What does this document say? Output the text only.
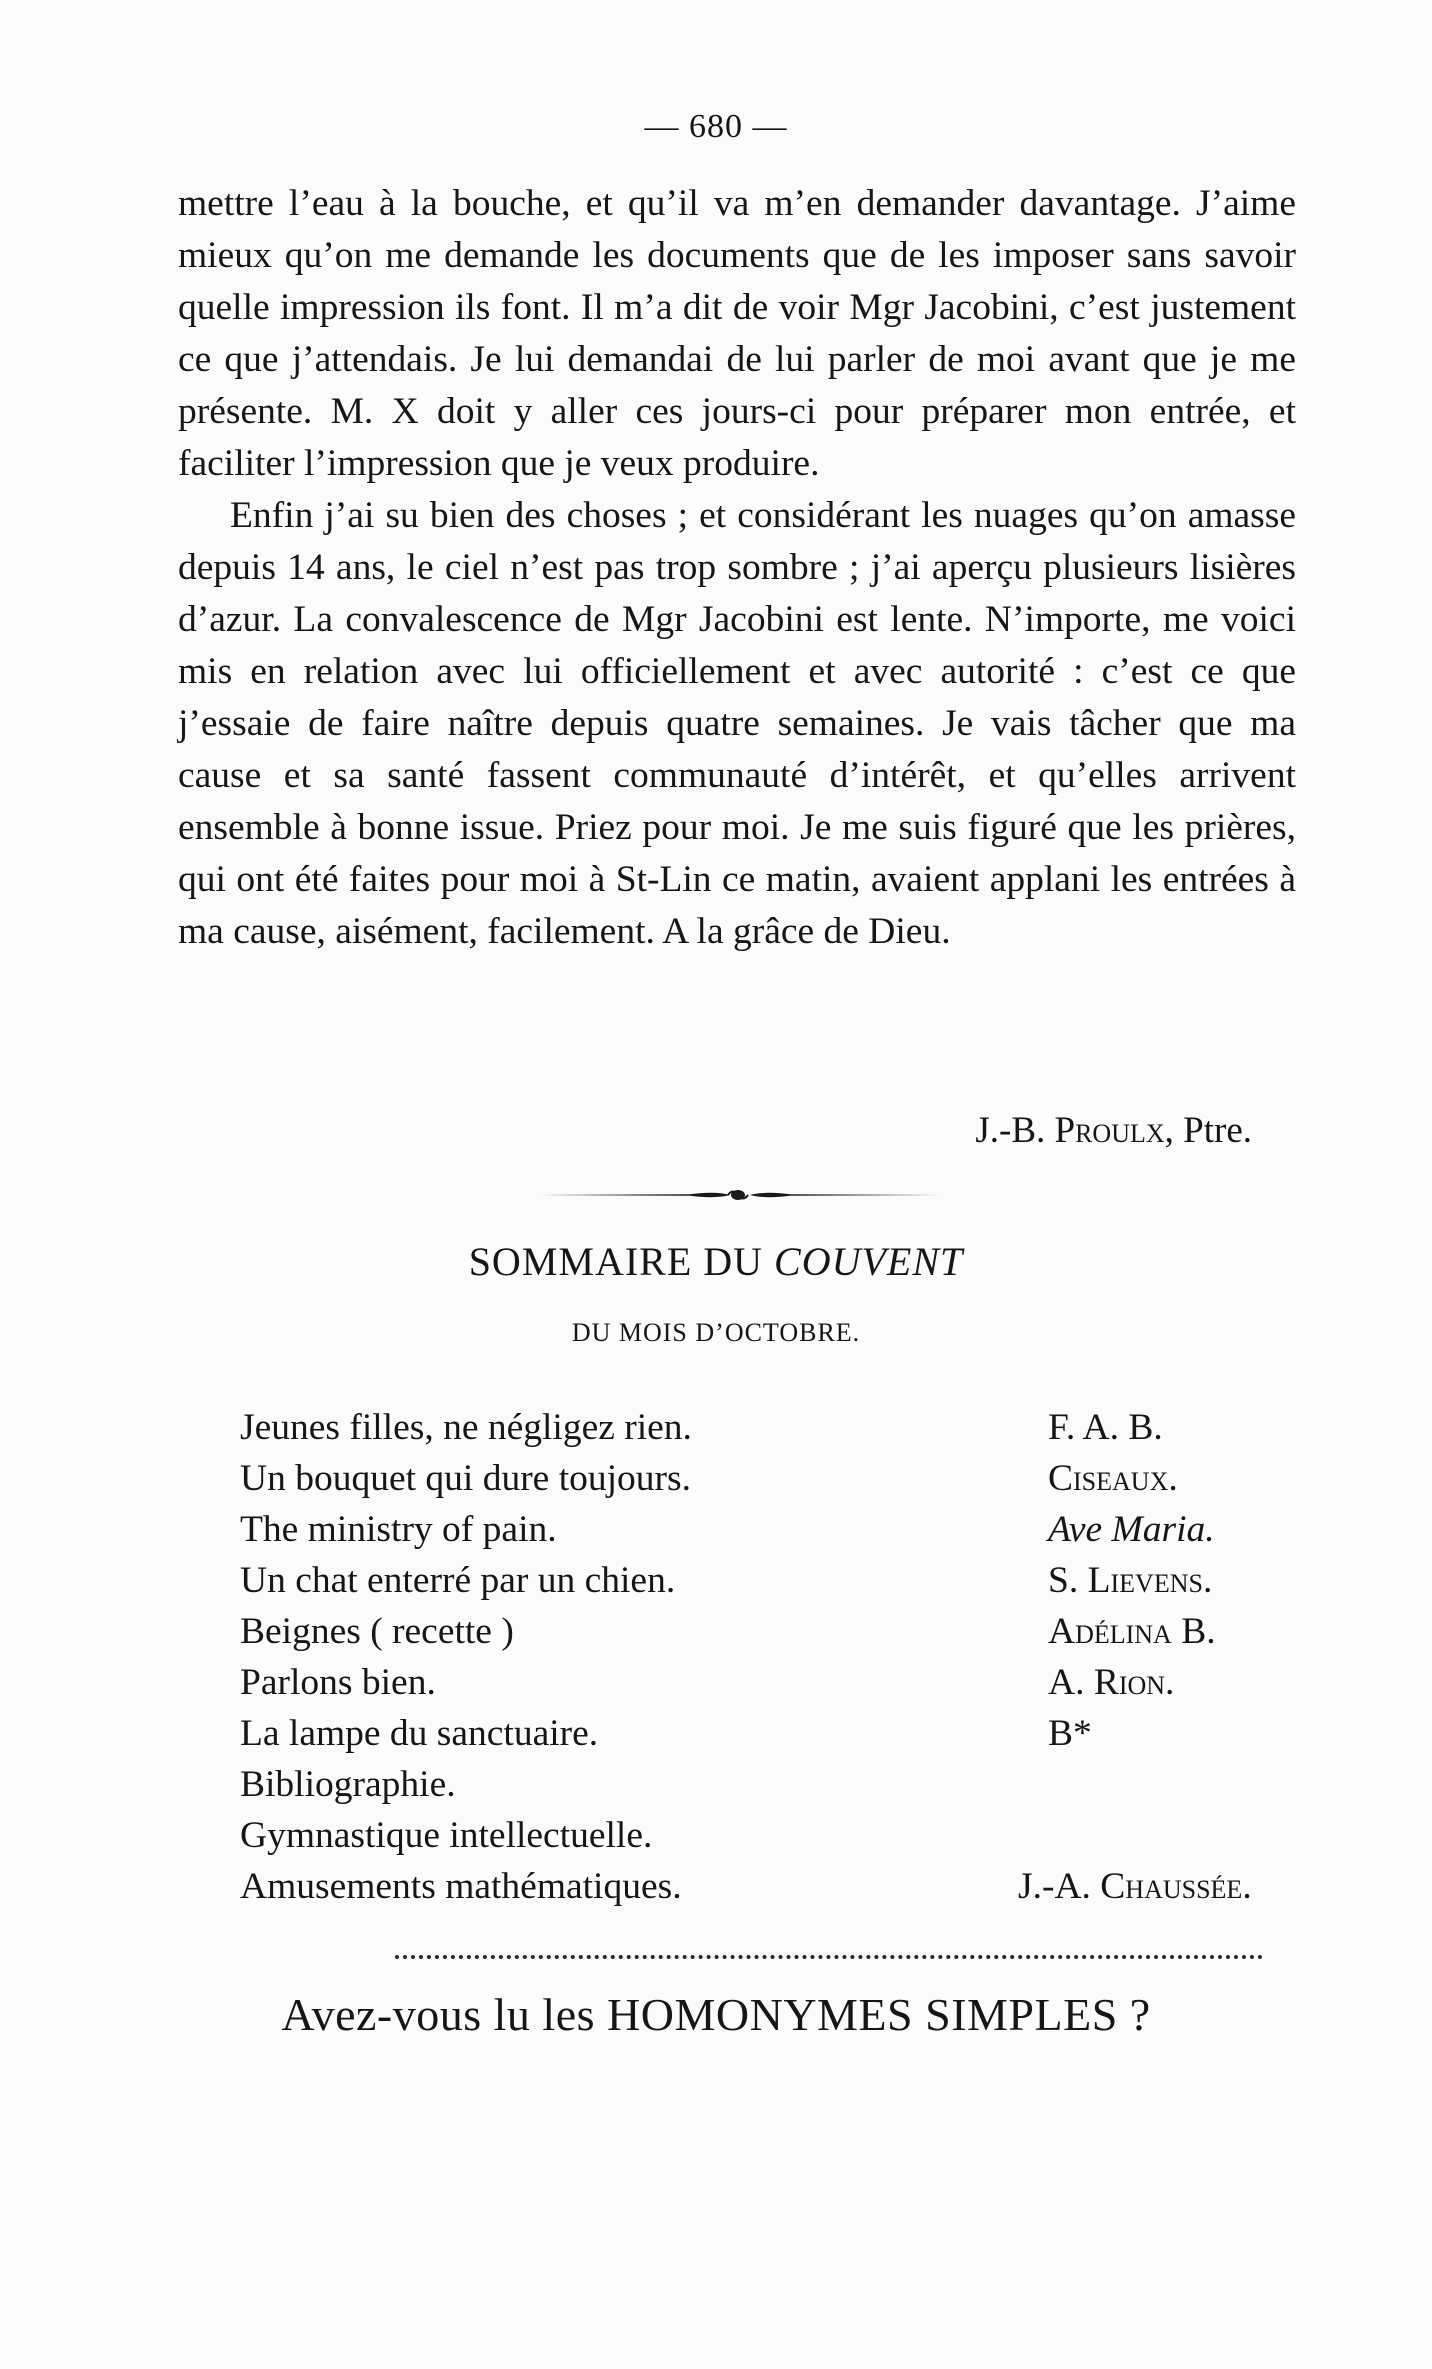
— 680 —

mettre l’eau à la bouche, et qu’il va m’en demander davantage. J’aime mieux qu’on me demande les documents que de les imposer sans savoir quelle impression ils font. Il m’a dit de voir Mgr Jacobini, c’est justement ce que j’attendais. Je lui demandai de lui parler de moi avant que je me présente. M. X doit y aller ces jours-ci pour préparer mon entrée, et faciliter l’impression que je veux produire.

Enfin j’ai su bien des choses ; et considérant les nuages qu’on amasse depuis 14 ans, le ciel n’est pas trop sombre ; j’ai aperçu plusieurs lisières d’azur. La convalescence de Mgr Jacobini est lente. N’importe, me voici mis en relation avec lui officiellement et avec autorité : c’est ce que j’essaie de faire naître depuis quatre semaines. Je vais tâcher que ma cause et sa santé fassent communauté d’intérêt, et qu’elles arrivent ensemble à bonne issue. Priez pour moi. Je me suis figuré que les prières, qui ont été faites pour moi à St-Lin ce matin, avaient applani les entrées à ma cause, aisément, facilement. A la grâce de Dieu.

J.-B. Proulx, Ptre.
SOMMAIRE DU COUVENT
DU MOIS D’OCTOBRE.
Jeunes filles, ne négligez rien.	F. A. B.
Un bouquet qui dure toujours.	Ciseaux.
The ministry of pain.	Ave Maria.
Un chat enterré par un chien.	S. Lievens.
Beignes ( recette )	Adélina B.
Parlons bien.	A. Rion.
La lampe du sanctuaire.	B*
Bibliographie.
Gymnastique intellectuelle.
Amusements mathématiques.	J.-A. Chaussée.
Avez-vous lu les HOMONYMES SIMPLES ?
